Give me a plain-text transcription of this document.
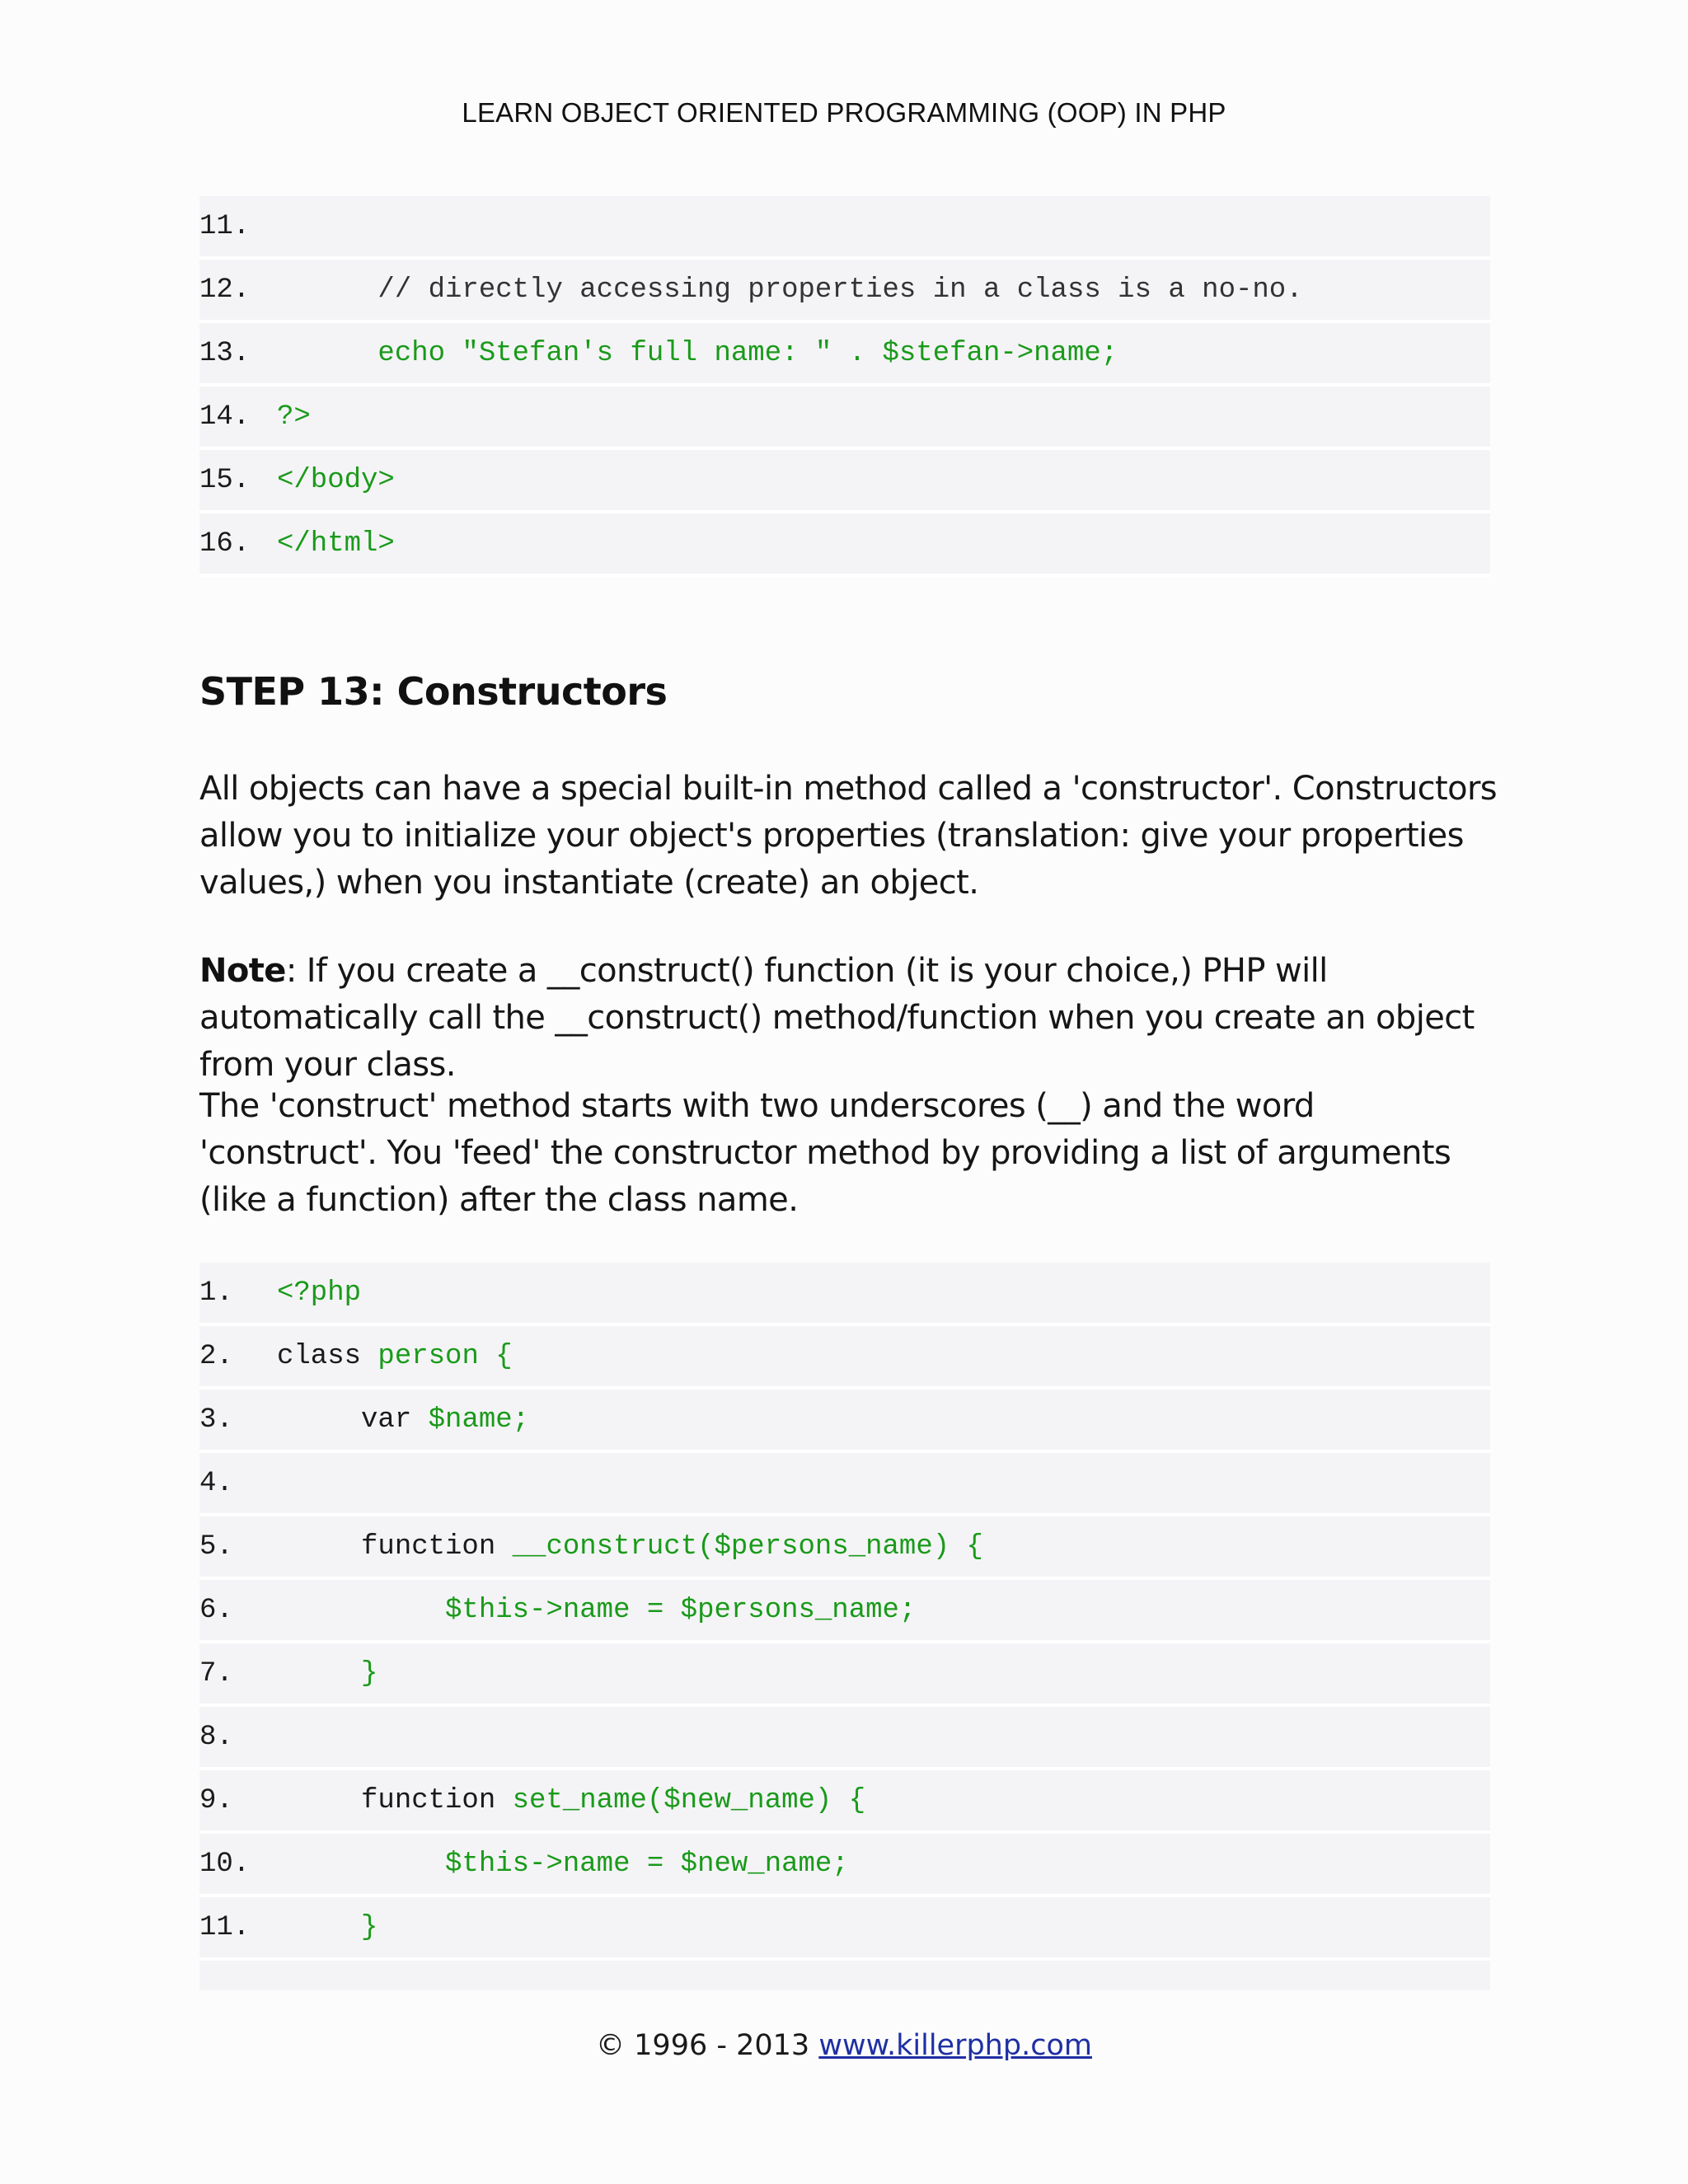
LEARN OBJECT ORIENTED PROGRAMMING (OOP) IN PHP
11.
12. // directly accessing properties in a class is a no-no.
13. echo "Stefan's full name: " . $stefan->name;
14. ?>
15. </body>
16. </html>
STEP 13: Constructors
All objects can have a special built-in method called a 'constructor'. Constructors allow you to initialize your object's properties (translation: give your properties values,) when you instantiate (create) an object.
Note: If you create a __construct() function (it is your choice,) PHP will automatically call the __construct() method/function when you create an object from your class.
The 'construct' method starts with two underscores (__) and the word 'construct'. You 'feed' the constructor method by providing a list of arguments (like a function) after the class name.
1.	<?php
2.	class person {
3.	var $name;
4.
5.	function __construct($persons_name) {
6.	$this->name = $persons_name;
7.	}
8.
9.	function set_name($new_name) {
10. $this->name = $new_name;
11. }
© 1996 - 2013 www.killerphp.com
